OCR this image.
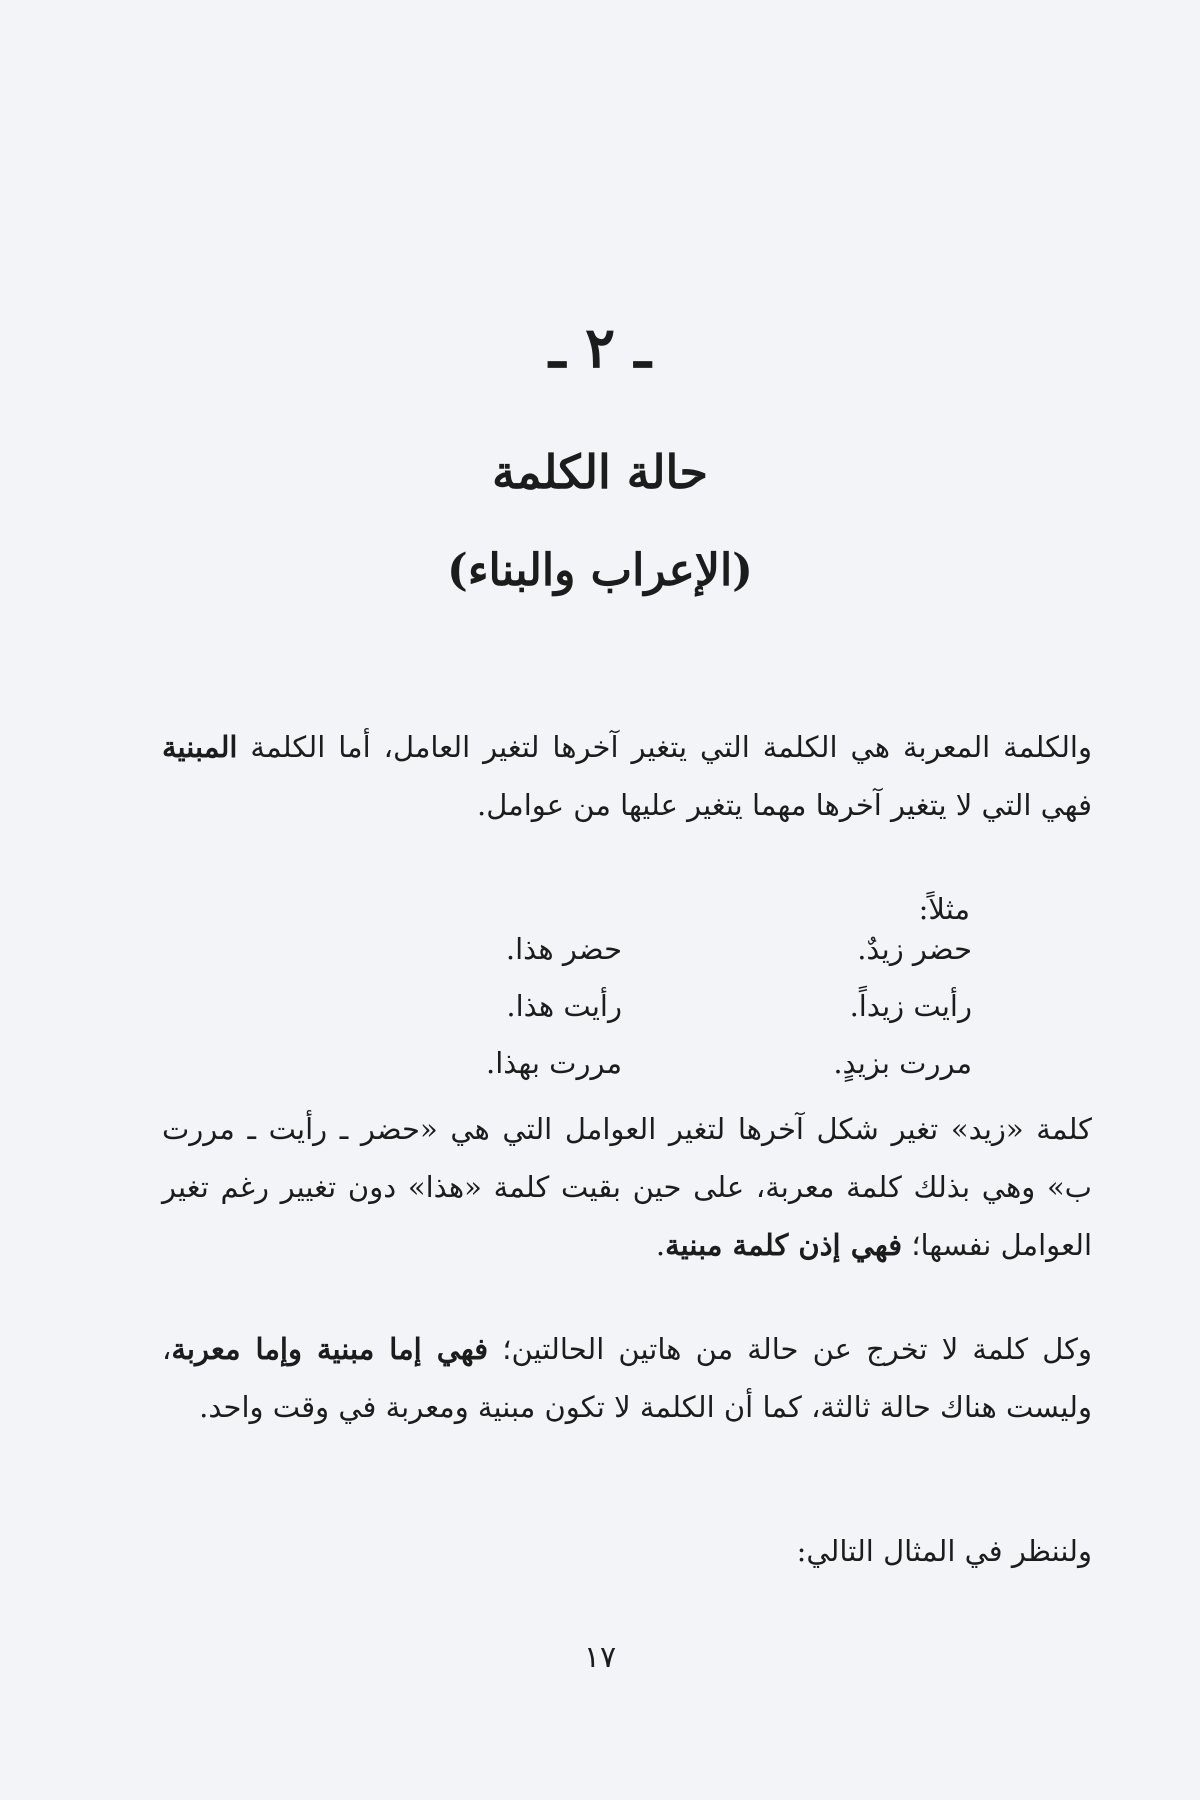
ـ ٢ ـ
حالة الكلمة
(الإعراب والبناء)
والكلمة المعربة هي الكلمة التي يتغير آخرها لتغير العامل، أما الكلمة المبنية فهي التي لا يتغير آخرها مهما يتغير عليها من عوامل.
مثلاً:
حضر زيدٌ.
حضر هذا.
رأيت زيداً.
رأيت هذا.
مررت بزيدٍ.
مررت بهذا.
كلمة «زيد» تغير شكل آخرها لتغير العوامل التي هي «حضر ـ رأيت ـ مررت ب» وهي بذلك كلمة معربة، على حين بقيت كلمة «هذا» دون تغيير رغم تغير العوامل نفسها؛ فهي إذن كلمة مبنية.
وكل كلمة لا تخرج عن حالة من هاتين الحالتين؛ فهي إما مبنية وإما معربة، وليست هناك حالة ثالثة، كما أن الكلمة لا تكون مبنية ومعربة في وقت واحد.
ولننظر في المثال التالي:
١٧
